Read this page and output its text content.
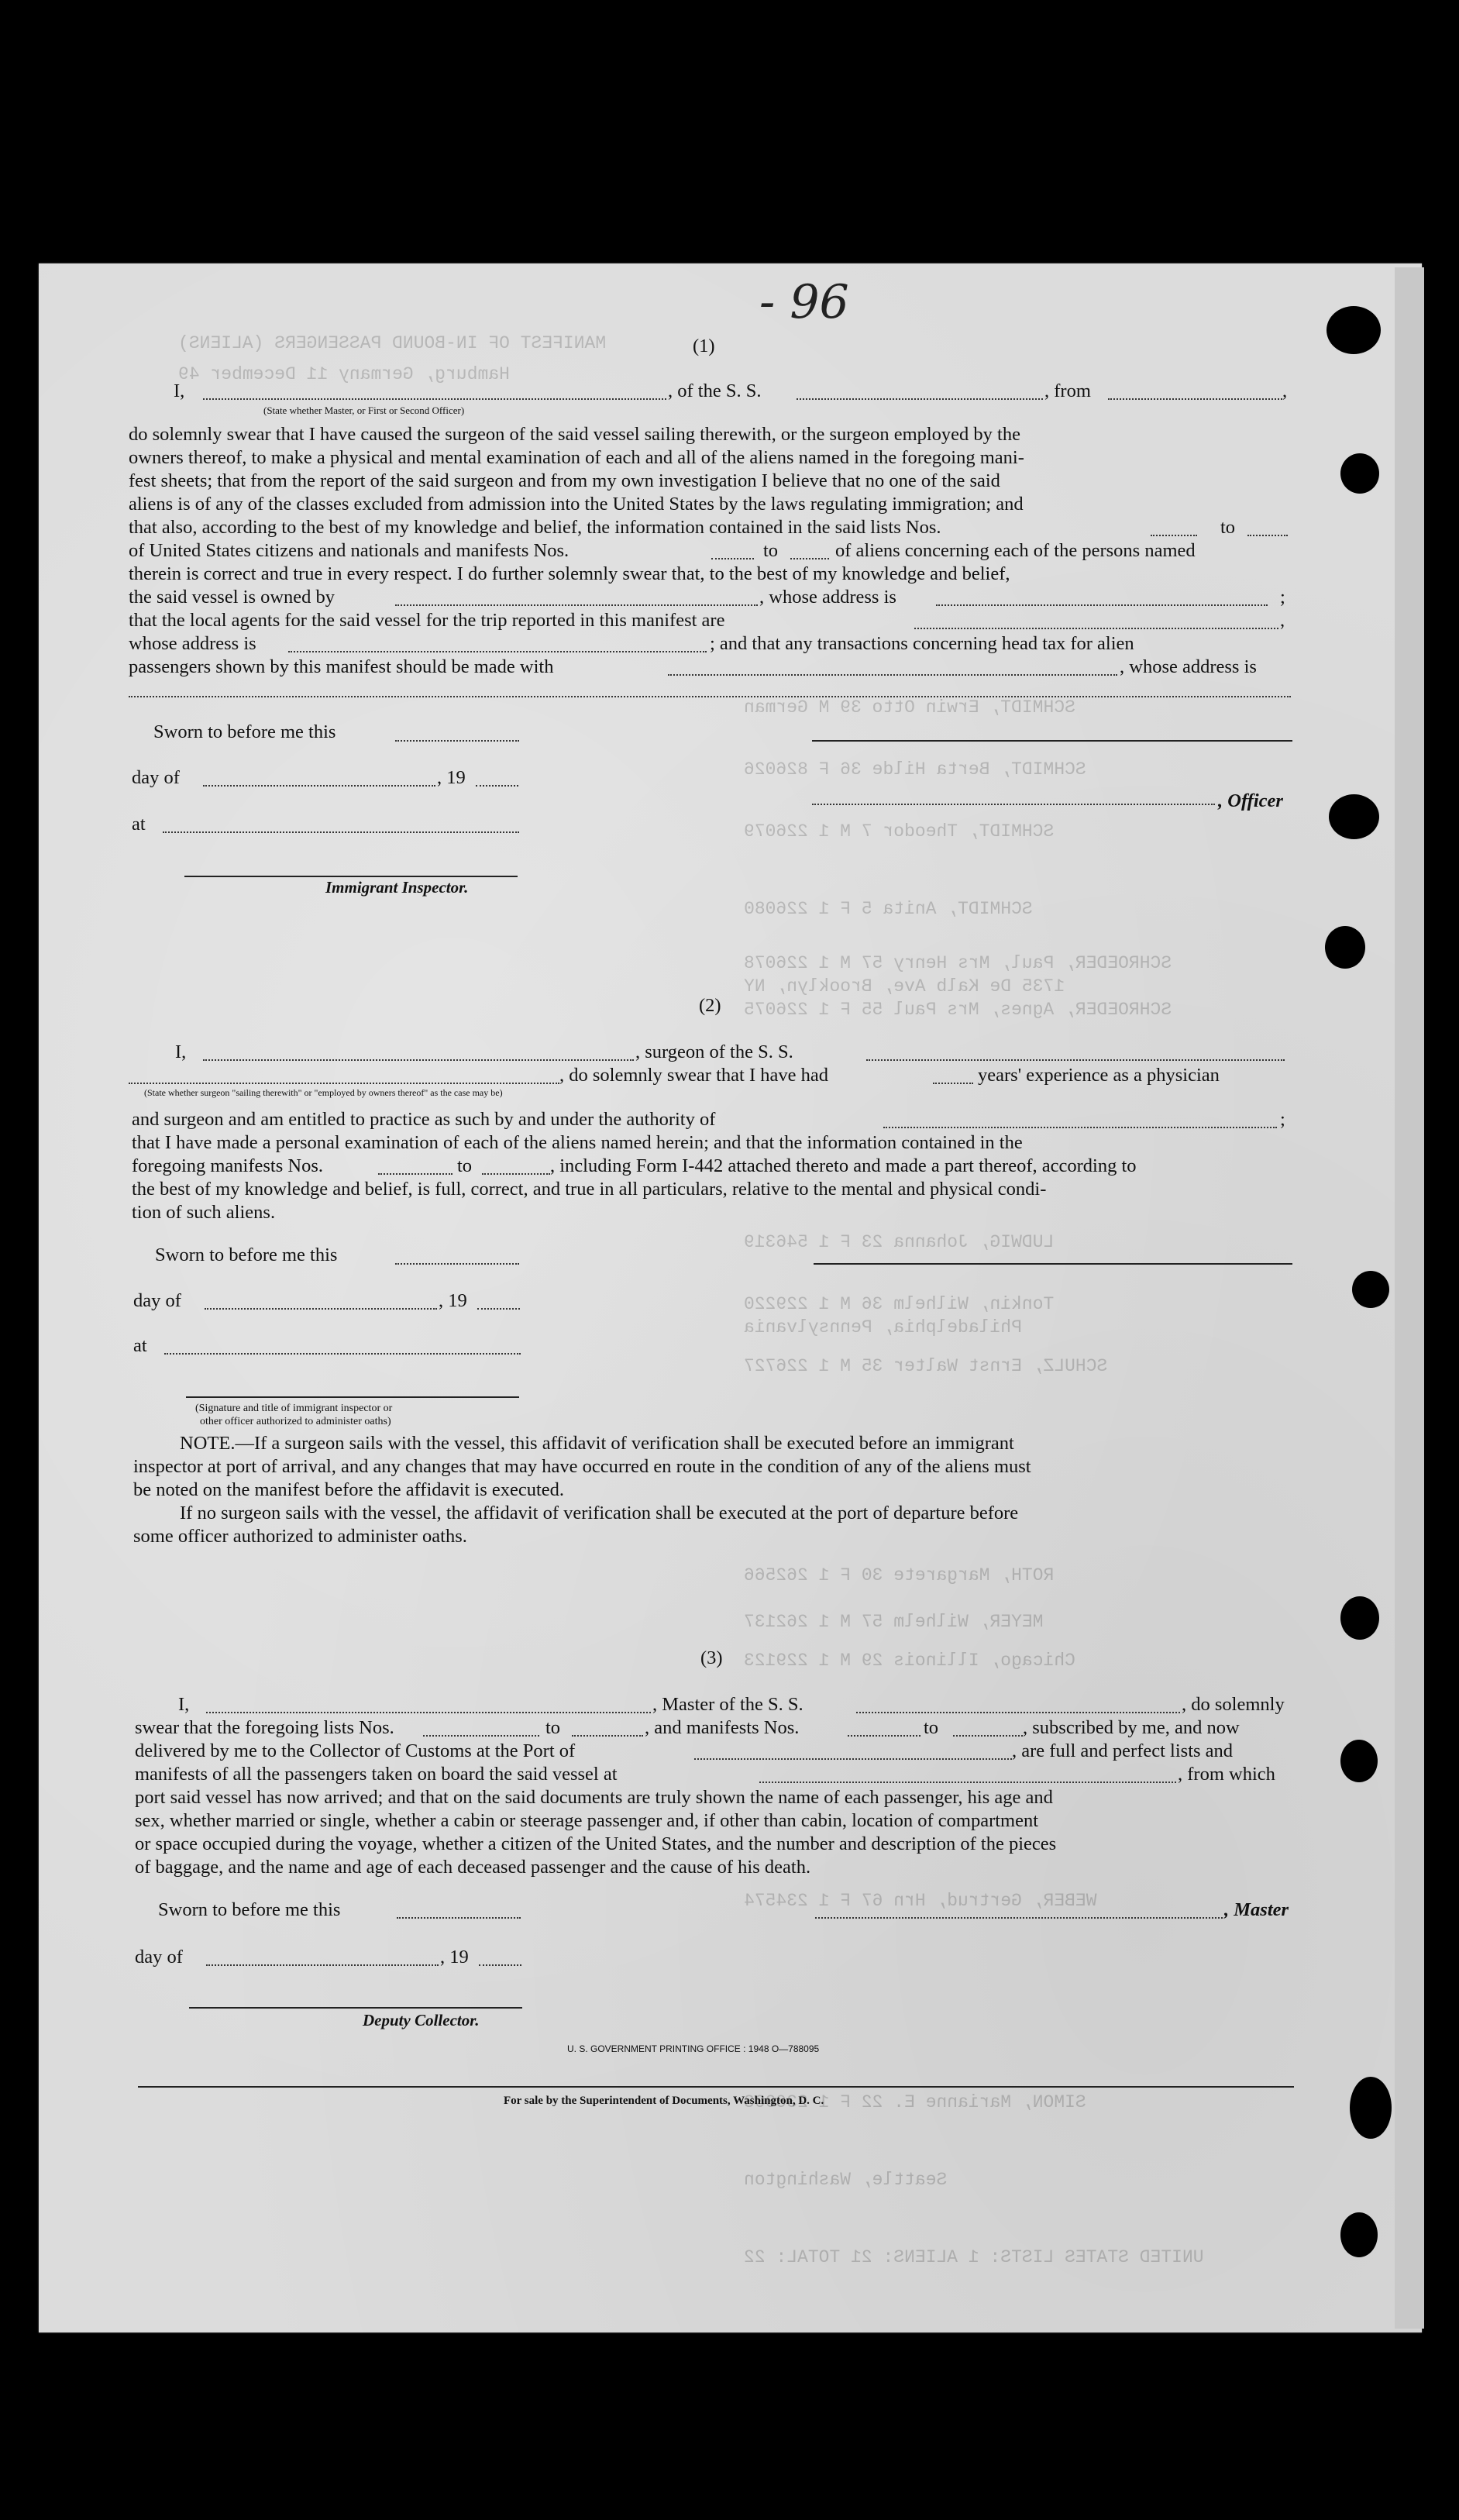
MANIFEST OF IN-BOUND PASSENGERS (ALIENS)
Hamburg, Germany 11 December 49
SCHMIDT, Erwin Otto 39 M German
SCHMIDT, Berta Hilde 36 F 826026
SCHMIDT, Theodor 7 M 1 226079
SCHMIDT, Anita 5 F 1 226080
SCHROEDER, Paul, Mrs Henry 57 M 1 226078
1735 De Kalb Ave, Brooklyn, NY
SCHROEDER, Agnes, Mrs Paul 55 F 1 226075
LUDWIG, Johanna 23 F 1 546319
Tonkin, Wilhelm 36 M 1 229220
Philadelphia, Pennsylvania
SCHULZ, Ernst Walter 35 M 1 226727
ROTH, Margarete 30 F 1 262566
MEYER, Wilhelm 57 M 1 262137
Chicago, Illinois 29 M 1 229123
WEBER, Gertrud, Hrn 67 F 1 234574
SIMON, Marianne E. 22 F 1 236003
Seattle, Washington
UNITED STATES LISTS: 1 ALIENS: 21 TOTAL: 22
- 96
(1)
I,	, of the S. S.	, from	,
(State whether Master, or First or Second Officer)
do solemnly swear that I have caused the surgeon of the said vessel sailing therewith, or the surgeon employed by the
owners thereof, to make a physical and mental examination of each and all of the aliens named in the foregoing mani-
fest sheets; that from the report of the said surgeon and from my own investigation I believe that no one of the said
aliens is of any of the classes excluded from admission into the United States by the laws regulating immigration; and
that also, according to the best of my knowledge and belief, the information contained in the said lists Nos.	to
of United States citizens and nationals and manifests Nos.	to	of aliens concerning each of the persons named
therein is correct and true in every respect. I do further solemnly swear that, to the best of my knowledge and belief,
the said vessel is owned by	, whose address is	;
that the local agents for the said vessel for the trip reported in this manifest are	,
whose address is	; and that any transactions concerning head tax for alien
passengers shown by this manifest should be made with	, whose address is
Sworn to before me this
day of	, 19
, Officer
at
Immigrant Inspector.
(2)
I,	, surgeon of the S. S.
, do solemnly swear that I have had	years' experience as a physician
(State whether surgeon "sailing therewith" or "employed by owners thereof" as the case may be)
and surgeon and am entitled to practice as such by and under the authority of	;
that I have made a personal examination of each of the aliens named herein; and that the information contained in the
foregoing manifests Nos.	to	, including Form I-442 attached thereto and made a part thereof, according to
the best of my knowledge and belief, is full, correct, and true in all particulars, relative to the mental and physical condi-
tion of such aliens.
Sworn to before me this
day of	, 19
at
(Signature and title of immigrant inspector or
other officer authorized to administer oaths)
NOTE.—If a surgeon sails with the vessel, this affidavit of verification shall be executed before an immigrant
inspector at port of arrival, and any changes that may have occurred en route in the condition of any of the aliens must
be noted on the manifest before the affidavit is executed.
If no surgeon sails with the vessel, the affidavit of verification shall be executed at the port of departure before
some officer authorized to administer oaths.
(3)
I,	, Master of the S. S.	, do solemnly
swear that the foregoing lists Nos.	to	, and manifests Nos.	to	, subscribed by me, and now
delivered by me to the Collector of Customs at the Port of	, are full and perfect lists and
manifests of all the passengers taken on board the said vessel at	, from which
port said vessel has now arrived; and that on the said documents are truly shown the name of each passenger, his age and
sex, whether married or single, whether a cabin or steerage passenger and, if other than cabin, location of compartment
or space occupied during the voyage, whether a citizen of the United States, and the number and description of the pieces
of baggage, and the name and age of each deceased passenger and the cause of his death.
Sworn to before me this	, Master
day of	, 19
Deputy Collector.
U. S. GOVERNMENT PRINTING OFFICE : 1948 O—788095
For sale by the Superintendent of Documents, Washington, D. C.
